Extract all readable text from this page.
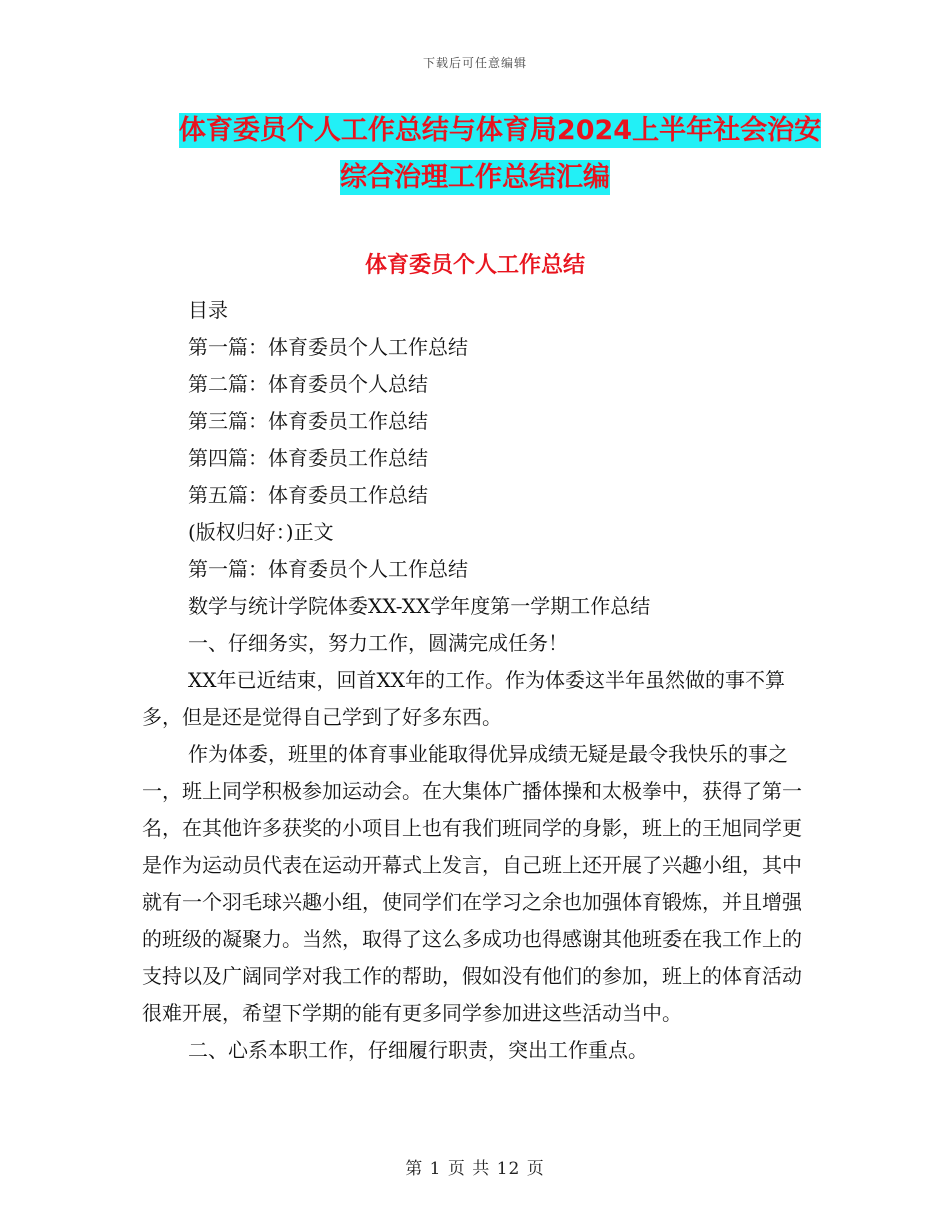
下载后可任意编辑
体育委员个人工作总结与体育局2024上半年社会治安
综合治理工作总结汇编
体育委员个人工作总结

目录

第一篇：体育委员个人工作总结

第二篇：体育委员个人总结

第三篇：体育委员工作总结

第四篇：体育委员工作总结

第五篇：体育委员工作总结

(版权归好：)正文

第一篇：体育委员个人工作总结

数学与统计学院体委XX-XX学年度第一学期工作总结

一、仔细务实，努力工作，圆满完成任务！

XX年已近结束，回首XX年的工作。作为体委这半年虽然做的事不算多，但是还是觉得自己学到了好多东西。

作为体委，班里的体育事业能取得优异成绩无疑是最令我快乐的事之一，班上同学积极参加运动会。在大集体广播体操和太极拳中，获得了第一名，在其他许多获奖的小项目上也有我们班同学的身影，班上的王旭同学更是作为运动员代表在运动开幕式上发言，自己班上还开展了兴趣小组，其中就有一个羽毛球兴趣小组，使同学们在学习之余也加强体育锻炼，并且增强的班级的凝聚力。当然，取得了这么多成功也得感谢其他班委在我工作上的支持以及广阔同学对我工作的帮助，假如没有他们的参加，班上的体育活动很难开展，希望下学期的能有更多同学参加进这些活动当中。

二、心系本职工作，仔细履行职责，突出工作重点。

第 1 页 共 12 页
